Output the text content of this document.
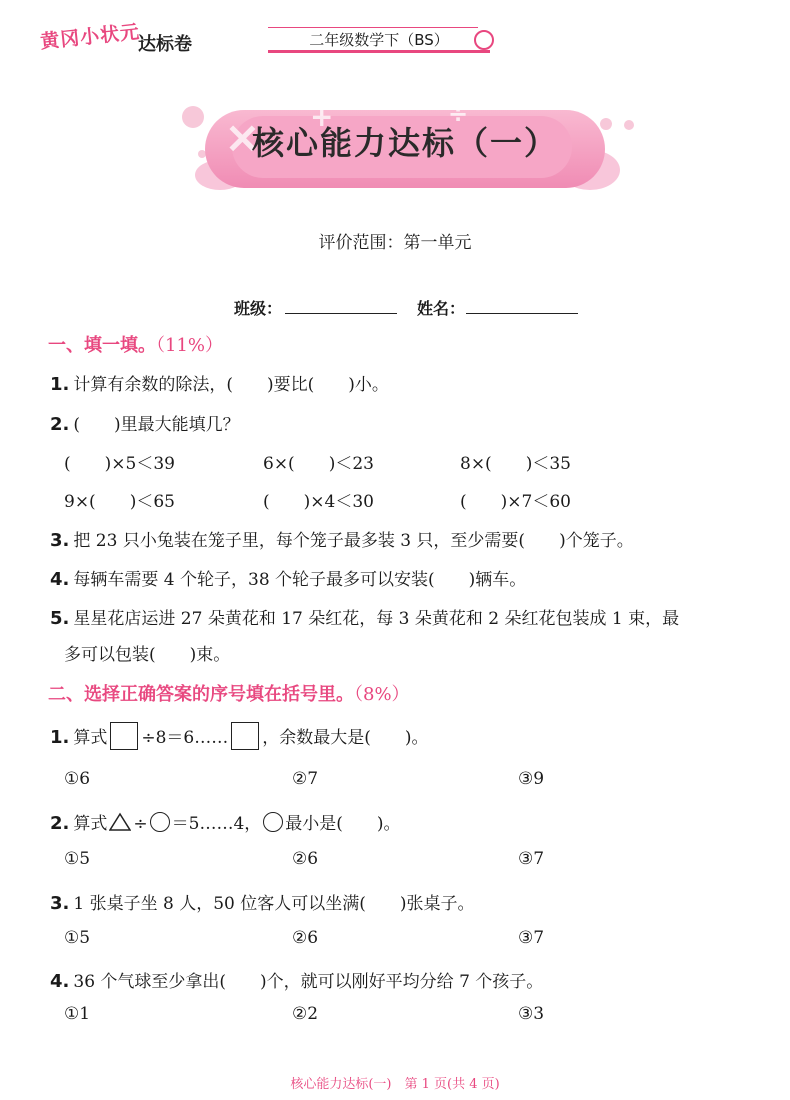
黄冈小状元
达标卷	二年级数学下（BS）
× +	÷
核心能力达标（一）
评价范围：第一单元
班级：	姓名：
一、填一填。（11%）
1. 计算有余数的除法，(　　)要比(　　)小。
2. (　　)里最大能填几？
(　　)×5＜39	6×(　　)＜23	8×(　　)＜35
9×(　　)＜65	(　　)×4＜30	(　　)×7＜60
3. 把 23 只小兔装在笼子里，每个笼子最多装 3 只，至少需要(　　)个笼子。
4. 每辆车需要 4 个轮子，38 个轮子最多可以安装(　　)辆车。
5. 星星花店运进 27 朵黄花和 17 朵红花，每 3 朵黄花和 2 朵红花包装成 1 束，最
多可以包装(　　)束。
二、选择正确答案的序号填在括号里。（8%）
1. 算式 ÷8＝6…… ，余数最大是(　　)。
①6	②7	③9
2. 算式 ÷ ＝5……4， 最小是(　　)。
①5	②6	③7
3. 1 张桌子坐 8 人，50 位客人可以坐满(　　)张桌子。
①5	②6	③7
4. 36 个气球至少拿出(　　)个，就可以刚好平均分给 7 个孩子。
①1	②2	③3
核心能力达标(一)　第 1 页(共 4 页)
